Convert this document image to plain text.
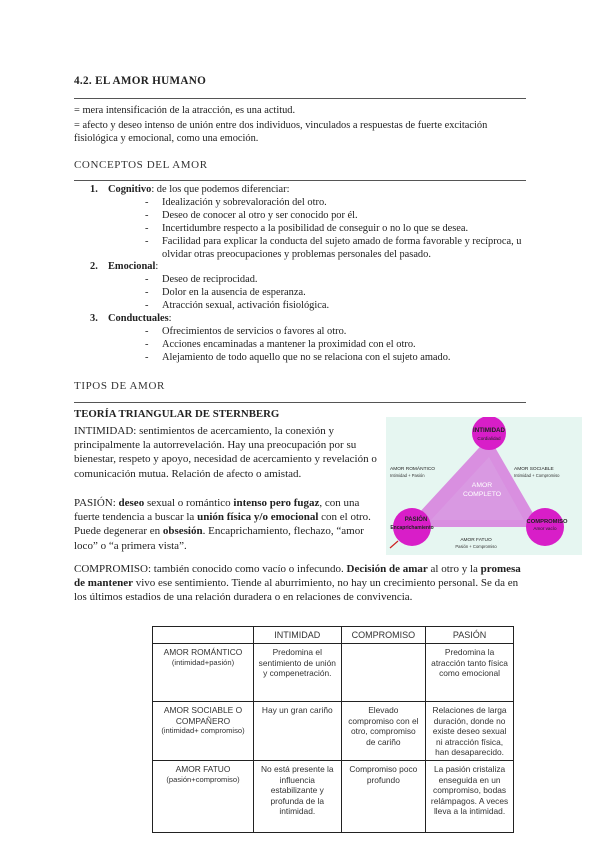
4.2. EL AMOR HUMANO
= mera intensificación de la atracción, es una actitud.
= afecto y deseo intenso de unión entre dos individuos, vinculados a respuestas de fuerte excitación fisiológica y emocional, como una emoción.
CONCEPTOS DEL AMOR
1. Cognitivo: de los que podemos diferenciar:
- Idealización y sobrevaloración del otro.
- Deseo de conocer al otro y ser conocido por él.
- Incertidumbre respecto a la posibilidad de conseguir o no lo que se desea.
- Facilidad para explicar la conducta del sujeto amado de forma favorable y recíproca, u olvidar otras preocupaciones y problemas personales del pasado.
2. Emocional:
- Deseo de reciprocidad.
- Dolor en la ausencia de esperanza.
- Atracción sexual, activación fisiológica.
3. Conductuales:
- Ofrecimientos de servicios o favores al otro.
- Acciones encaminadas a mantener la proximidad con el otro.
- Alejamiento de todo aquello que no se relaciona con el sujeto amado.
TIPOS DE AMOR
TEORÍA TRIANGULAR DE STERNBERG
INTIMIDAD: sentimientos de acercamiento, la conexión y principalmente la autorrevelación. Hay una preocupación por su bienestar, respeto y apoyo, necesidad de acercamiento y revelación o comunicación mutua. Relación de afecto o amistad.
PASIÓN: deseo sexual o romántico intenso pero fugaz, con una fuerte tendencia a buscar la unión física y/o emocional con el otro. Puede degenerar en obsesión. Encaprichamiento, flechazo, “amor loco” o “a primera vista”.
COMPROMISO: también conocido como vacío o infecundo. Decisión de amar al otro y la promesa de mantener vivo ese sentimiento. Tiende al aburrimiento, no hay un crecimiento personal. Se da en los últimos estadios de una relación duradera o en relaciones de convivencia.
INTIMIDAD
Cordialidad
PASIÓN
Encaprichamiento
COMPROMISO
Amor vacío
AMOR
COMPLETO
AMOR ROMÁNTICO
Intimidad + Pasión
AMOR SOCIABLE
Intimidad + Compromiso
AMOR FATUO
Pasión + Compromiso
	INTIMIDAD	COMPROMISO	PASIÓN
AMOR ROMÁNTICO
(intimidad+pasión)	Predomina el sentimiento de unión y compenetración.		Predomina la atracción tanto física como emocional
AMOR SOCIABLE O COMPAÑERO
(intimidad+ compromiso)	Hay un gran cariño	Elevado compromiso con el otro, compromiso de cariño	Relaciones de larga duración, donde no existe deseo sexual ni atracción física, han desaparecido.
AMOR FATUO
(pasión+compromiso)	No está presente la influencia estabilizante y profunda de la intimidad.	Compromiso poco profundo	La pasión cristaliza enseguida en un compromiso, bodas relámpagos. A veces lleva a la intimidad.
